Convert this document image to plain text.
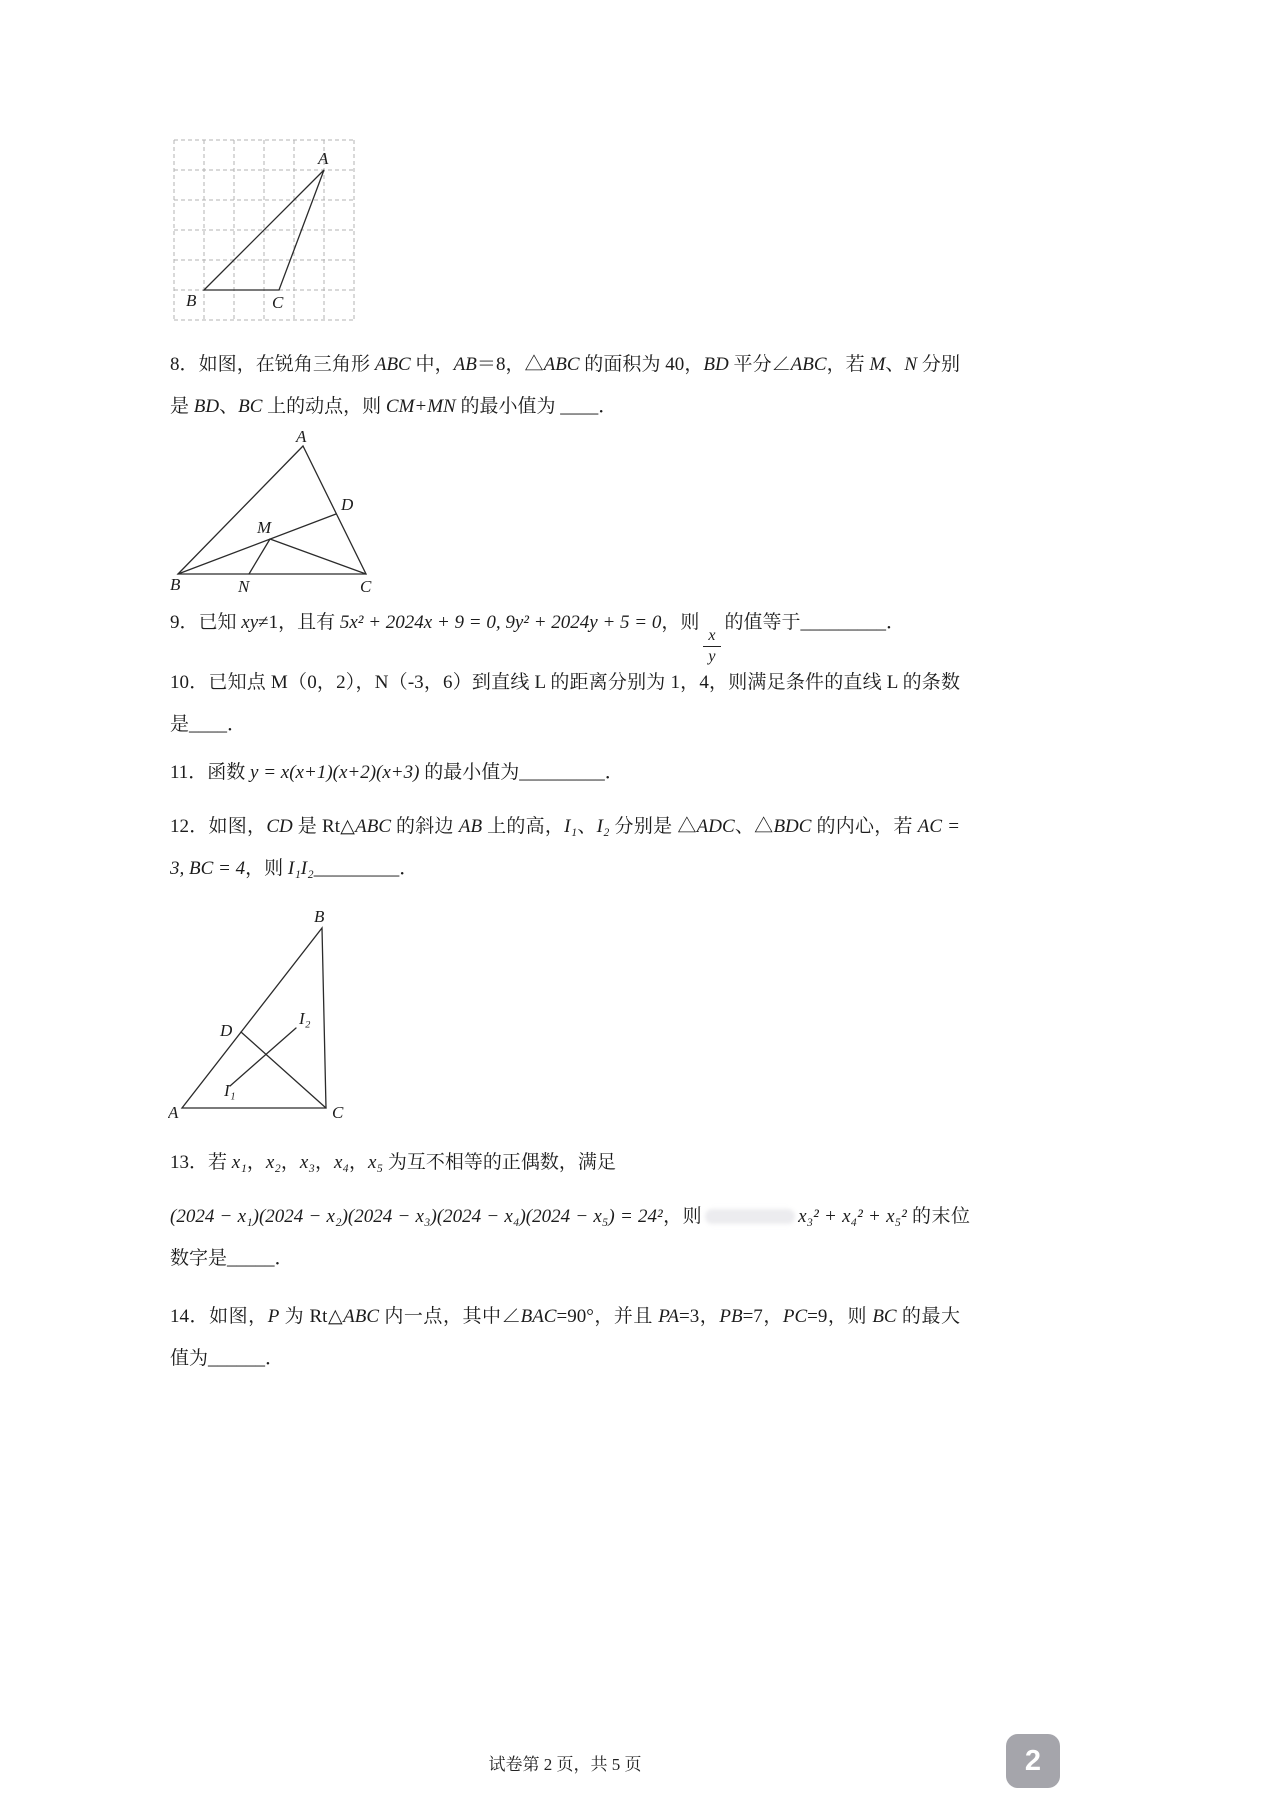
A
B	C

8．如图，在锐角三角形 ABC 中，AB＝8，△ABC 的面积为 40，BD 平分∠ABC，若 M、N 分别是 BD、BC 上的动点，则 CM+MN 的最小值为 ____．

A
B	C
D
M
N

9．已知 xy≠1，且有 5x² + 2024x + 9 = 0, 9y² + 2024y + 5 = 0，则
$\frac{x}{y}$
的值等于_________．

10．已知点 M（0，2），N（-3，6）到直线 L 的距离分别为 1，4，则满足条件的直线 L 的条数是____．

11．函数 y = x(x+1)(x+2)(x+3) 的最小值为_________．

12．如图，CD 是 Rt△ABC 的斜边 AB 上的高，I₁、I₂ 分别是 △ADC、△BDC 的内心，若 AC = 3, BC = 4，则 I₁I₂_________．

B
A	C
D
I₂
I₁

13．若 x₁，x₂，x₃，x₄，x₅ 为互不相等的正偶数，满足

(2024 − x₁)(2024 − x₂)(2024 − x₃)(2024 − x₄)(2024 − x₅) = 24²，则	x₃² + x₄² + x₅² 的末位数字是_____．

14．如图，P 为 Rt△ABC 内一点，其中∠BAC=90°，并且 PA=3，PB=7，PC=9，则 BC 的最大值为______．

试卷第 2 页，共 5 页	2
